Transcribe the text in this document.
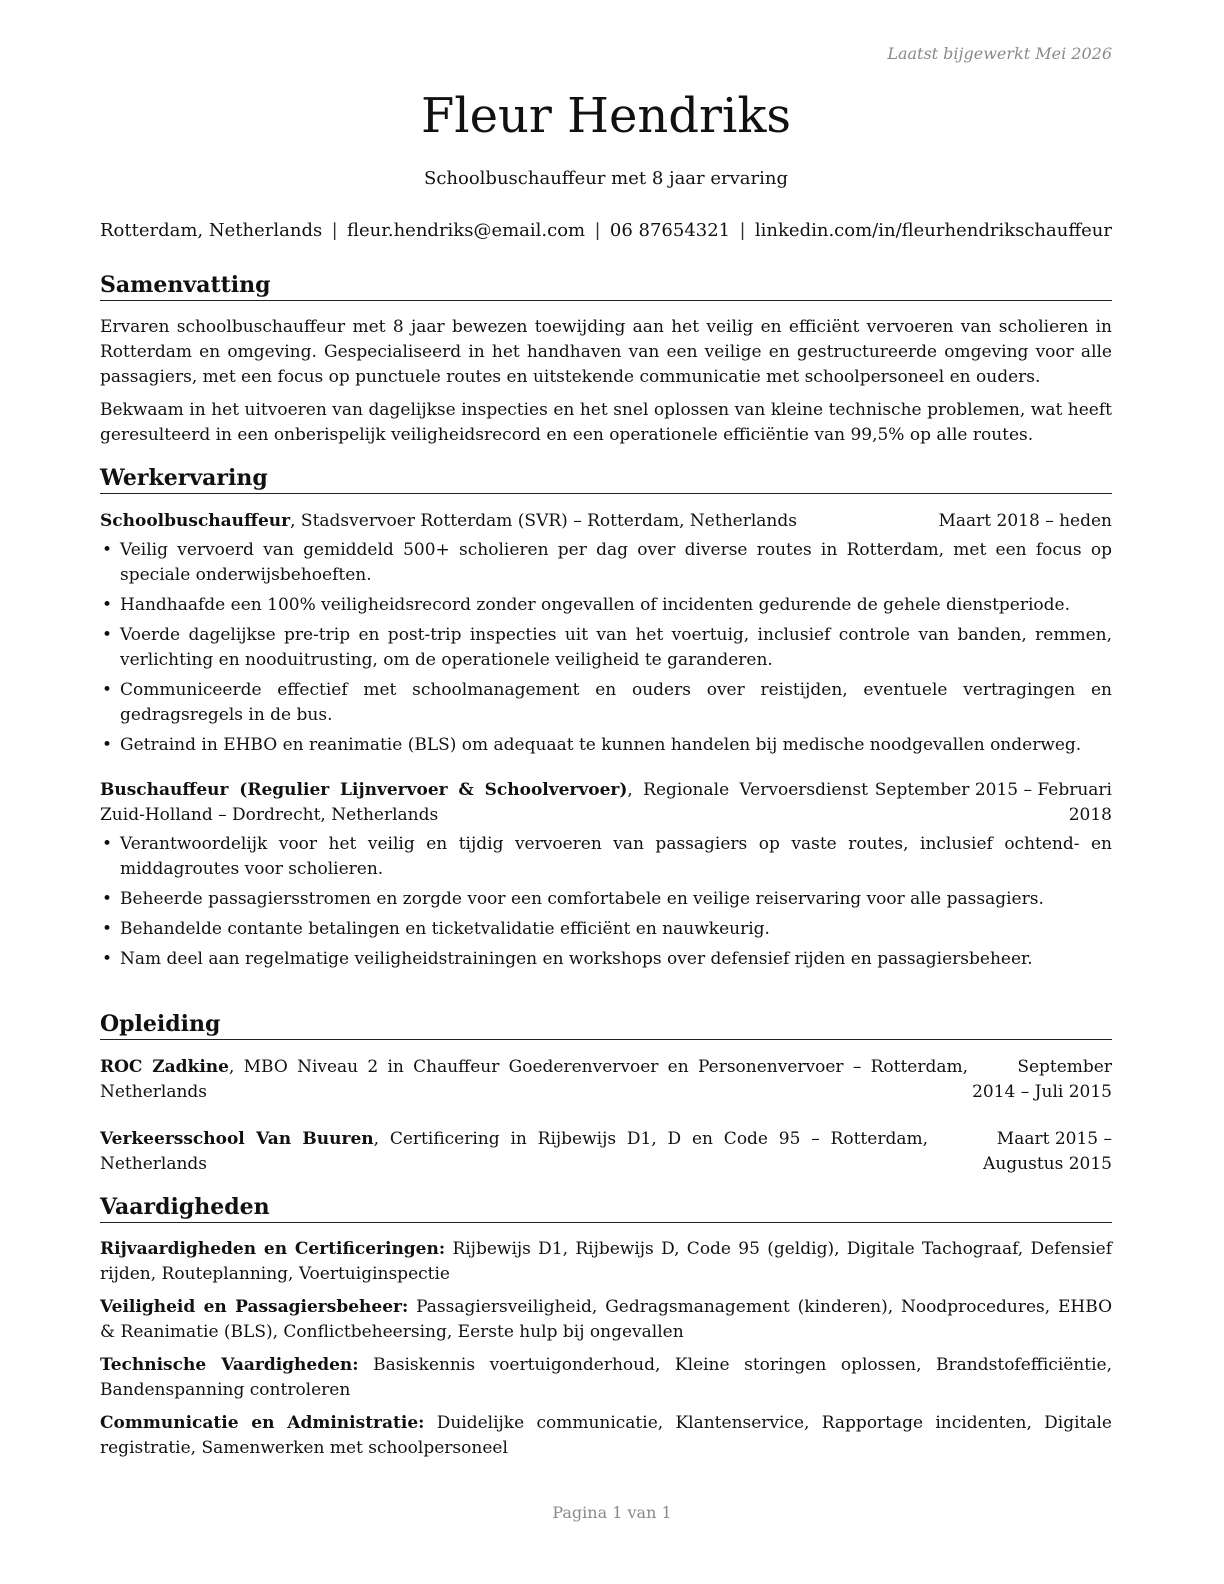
Laatst bijgewerkt Mei 2026
Fleur Hendriks
Schoolbuschauffeur met 8 jaar ervaring
Rotterdam, Netherlands | fleur.hendriks@email.com | 06 87654321 | linkedin.com/in/fleurhendrikschauffeur
Samenvatting

Ervaren schoolbuschauffeur met 8 jaar bewezen toewijding aan het veilig en efficiënt vervoeren van scholieren in Rotterdam en omgeving. Gespecialiseerd in het handhaven van een veilige en gestructureerde omgeving voor alle passagiers, met een focus op punctuele routes en uitstekende communicatie met schoolpersoneel en ouders.

Bekwaam in het uitvoeren van dagelijkse inspecties en het snel oplossen van kleine technische problemen, wat heeft geresulteerd in een onberispelijk veiligheidsrecord en een operationele efficiëntie van 99,5% op alle routes.

Werkervaring
Schoolbuschauffeur, Stadsvervoer Rotterdam (SVR) – Rotterdam, Netherlands	Maart 2018 – heden
• Veilig vervoerd van gemiddeld 500+ scholieren per dag over diverse routes in Rotterdam, met een focus op speciale onderwijsbehoeften.
• Handhaafde een 100% veiligheidsrecord zonder ongevallen of incidenten gedurende de gehele dienstperiode.
• Voerde dagelijkse pre-trip en post-trip inspecties uit van het voertuig, inclusief controle van banden, remmen, verlichting en nooduitrusting, om de operationele veiligheid te garanderen.
• Communiceerde effectief met schoolmanagement en ouders over reistijden, eventuele vertragingen en gedragsregels in de bus.
• Getraind in EHBO en reanimatie (BLS) om adequaat te kunnen handelen bij medische noodgevallen onderweg.
Buschauffeur (Regulier Lijnvervoer & Schoolvervoer), Regionale Vervoersdienst Zuid-Holland – Dordrecht, Netherlands
September 2015 – Februari 2018
• Verantwoordelijk voor het veilig en tijdig vervoeren van passagiers op vaste routes, inclusief ochtend- en middagroutes voor scholieren.
• Beheerde passagiersstromen en zorgde voor een comfortabele en veilige reiservaring voor alle passagiers.
• Behandelde contante betalingen en ticketvalidatie efficiënt en nauwkeurig.
• Nam deel aan regelmatige veiligheidstrainingen en workshops over defensief rijden en passagiersbeheer.
Opleiding
ROC Zadkine, MBO Niveau 2 in Chauffeur Goederenvervoer en Personenvervoer – Rotterdam, Netherlands
September 2014 – Juli 2015
Verkeersschool Van Buuren, Certificering in Rijbewijs D1, D en Code 95 – Rotterdam, Netherlands
Maart 2015 – Augustus 2015
Vaardigheden

Rijvaardigheden en Certificeringen: Rijbewijs D1, Rijbewijs D, Code 95 (geldig), Digitale Tachograaf, Defensief rijden, Routeplanning, Voertuiginspectie

Veiligheid en Passagiersbeheer: Passagiersveiligheid, Gedragsmanagement (kinderen), Noodprocedures, EHBO & Reanimatie (BLS), Conflictbeheersing, Eerste hulp bij ongevallen

Technische Vaardigheden: Basiskennis voertuigonderhoud, Kleine storingen oplossen, Brandstofefficiëntie, Bandenspanning controleren

Communicatie en Administratie: Duidelijke communicatie, Klantenservice, Rapportage incidenten, Digitale registratie, Samenwerken met schoolpersoneel

Pagina 1 van 1
